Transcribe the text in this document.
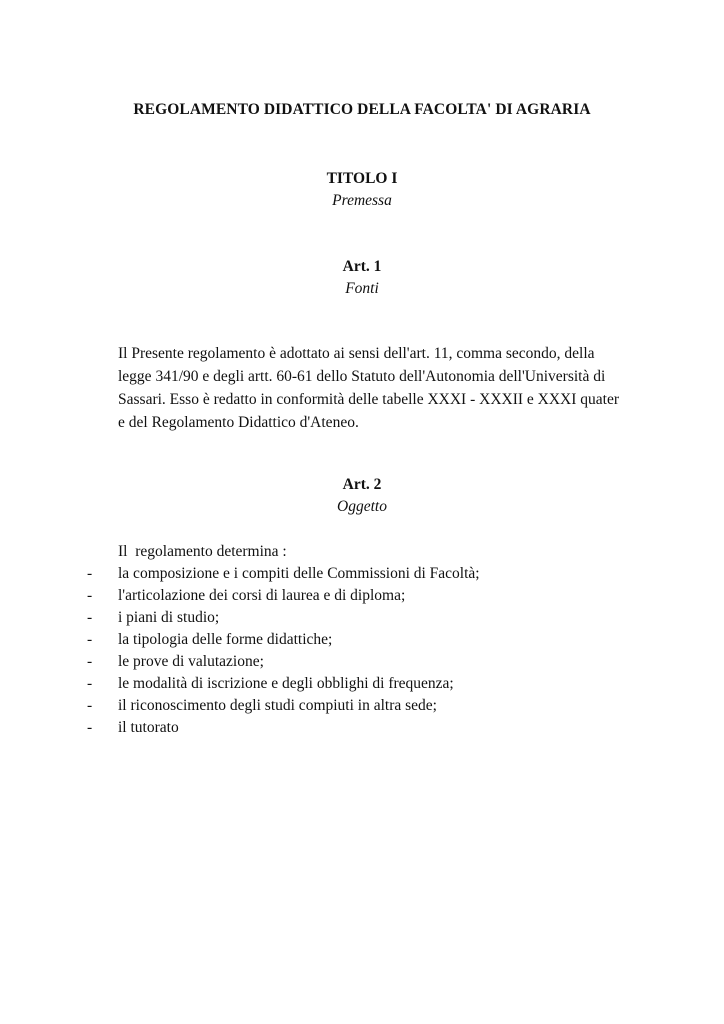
REGOLAMENTO DIDATTICO DELLA FACOLTA' DI AGRARIA
TITOLO I
Premessa
Art. 1
Fonti
Il Presente regolamento è adottato ai sensi dell'art. 11, comma secondo, della
legge 341/90 e degli artt. 60-61 dello Statuto dell'Autonomia dell'Università di
Sassari. Esso è redatto in conformità delle tabelle XXXI - XXXII e XXXI quater
e del Regolamento Didattico d'Ateneo.
Art. 2
Oggetto
Il  regolamento determina :
- la composizione e i compiti delle Commissioni di Facoltà;
- l'articolazione dei corsi di laurea e di diploma;
- i piani di studio;
- la tipologia delle forme didattiche;
- le prove di valutazione;
- le modalità di iscrizione e degli obblighi di frequenza;
- il riconoscimento degli studi compiuti in altra sede;
- il tutorato
